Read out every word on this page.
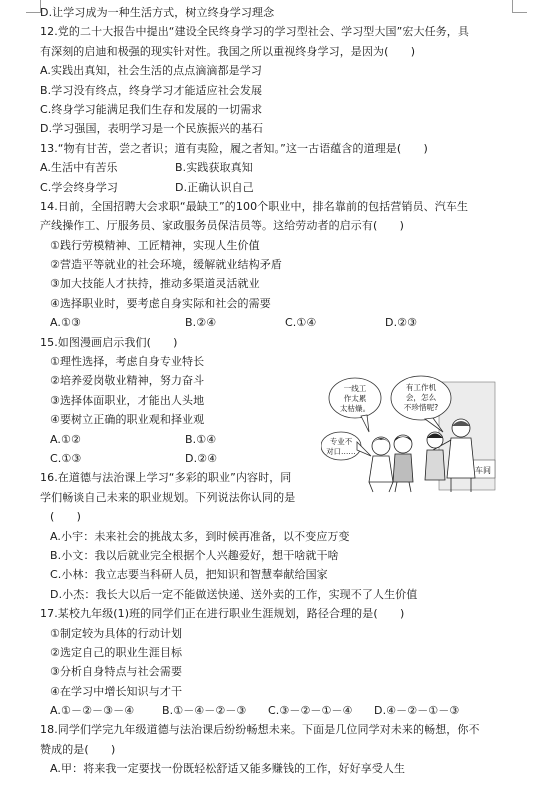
D.让学习成为一种生活方式，树立终身学习理念
12.党的二十大报告中提出“建设全民终身学习的学习型社会、学习型大国”宏大任务，具
有深刻的启迪和极强的现实针对性。我国之所以重视终身学习，是因为(　　)
A.实践出真知，社会生活的点点滴滴都是学习
B.学习没有终点，终身学习才能适应社会发展
C.终身学习能满足我们生存和发展的一切需求
D.学习强国，表明学习是一个民族振兴的基石
13.“物有甘苦，尝之者识；道有夷险，履之者知。”这一古语蕴含的道理是(　　)
A.生活中有苦乐	B.实践获取真知
C.学会终身学习	D.正确认识自己
14.日前，全国招聘大会求职“最缺工”的100个职业中，排名靠前的包括营销员、汽车生
产线操作工、厅服务员、家政服务员保洁员等。这给劳动者的启示有(　　)
①践行劳模精神、工匠精神，实现人生价值
②营造平等就业的社会环境，缓解就业结构矛盾
③加大技能人才扶持，推动多渠道灵活就业
④选择职业时，要考虑自身实际和社会的需要
A.①③	B.②④	C.①④	D.②③
15.如图漫画启示我们(　　)
①理性选择，考虑自身专业特长
②培养爱岗敬业精神，努力奋斗
③选择体面职业，才能出人头地
④要树立正确的职业观和择业观
A.①②	B.①④
C.①③	D.②④
16.在道德与法治课上学习“多彩的职业”内容时，同
学们畅谈自己未来的职业规划。下列说法你认同的是
(　　)
A.小宇：未来社会的挑战太多，到时候再准备，以不变应万变
B.小文：我以后就业完全根据个人兴趣爱好，想干啥就干啥
C.小林：我立志要当科研人员，把知识和智慧奉献给国家
D.小杰：我长大以后一定不能做送快递、送外卖的工作，实现不了人生价值
17.某校九年级(1)班的同学们正在进行职业生涯规划，路径合理的是(　　)
①制定较为具体的行动计划
②选定自己的职业生涯目标
③分析自身特点与社会需要
④在学习中增长知识与才干
A.①－②－③－④	B.①－④－②－③	C.③－②－①－④	D.④－②－①－③
18.同学们学完九年级道德与法治课后纷纷畅想未来。下面是几位同学对未来的畅想，你不
赞成的是(　　)
A.甲：将来我一定要找一份既轻松舒适又能多赚钱的工作，好好享受人生
车间
一线工
作太累
太枯燥。
有工作机
会，怎么
不珍惜呢?
专业不
对口……
